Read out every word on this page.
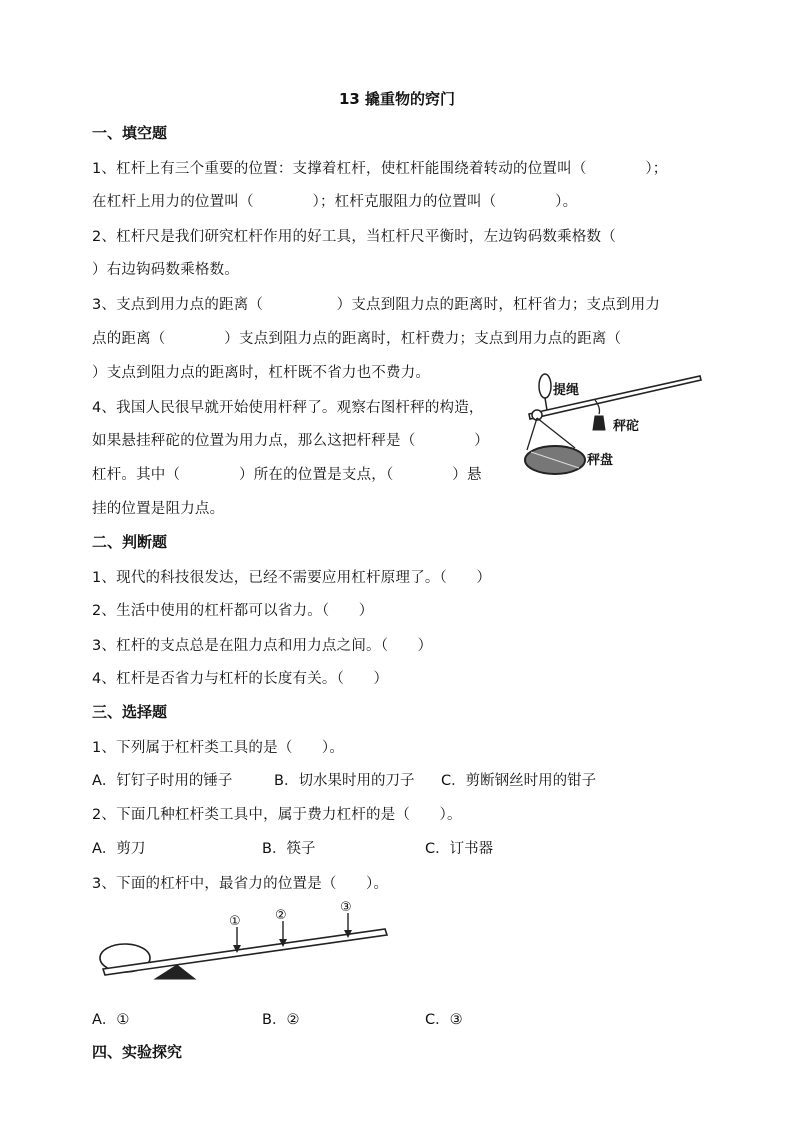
13 撬重物的窍门
一、填空题
1、杠杆上有三个重要的位置：支撑着杠杆，使杠杆能围绕着转动的位置叫（　　　　）；
在杠杆上用力的位置叫（　　　　）；杠杆克服阻力的位置叫（　　　　）。
2、杠杆尺是我们研究杠杆作用的好工具，当杠杆尺平衡时，左边钩码数乘格数（
）右边钩码数乘格数。
3、支点到用力点的距离（　　　　　）支点到阻力点的距离时，杠杆省力；支点到用力
点的距离（　　　　）支点到阻力点的距离时，杠杆费力；支点到用力点的距离（
）支点到阻力点的距离时，杠杆既不省力也不费力。
4、我国人民很早就开始使用杆秤了。观察右图杆秤的构造，
如果悬挂秤砣的位置为用力点，那么这把杆秤是（　　　　）
杠杆。其中（　　　　）所在的位置是支点，（　　　　）悬
挂的位置是阻力点。
提绳
秤砣
秤盘
二、判断题
1、现代的科技很发达，已经不需要应用杠杆原理了。（　　）
2、生活中使用的杠杆都可以省力。（　　）
3、杠杆的支点总是在阻力点和用力点之间。（　　）
4、杠杆是否省力与杠杆的长度有关。（　　）
三、选择题
1、下列属于杠杆类工具的是（　　）。
A．钉钉子时用的锤子	B．切水果时用的刀子 C．剪断钢丝时用的钳子
2、下面几种杠杆类工具中，属于费力杠杆的是（　　）。
A．剪刀	B．筷子	C．订书器
3、下面的杠杆中，最省力的位置是（　　）。
①	②
③
A．①	B．②	C．③
四、实验探究
